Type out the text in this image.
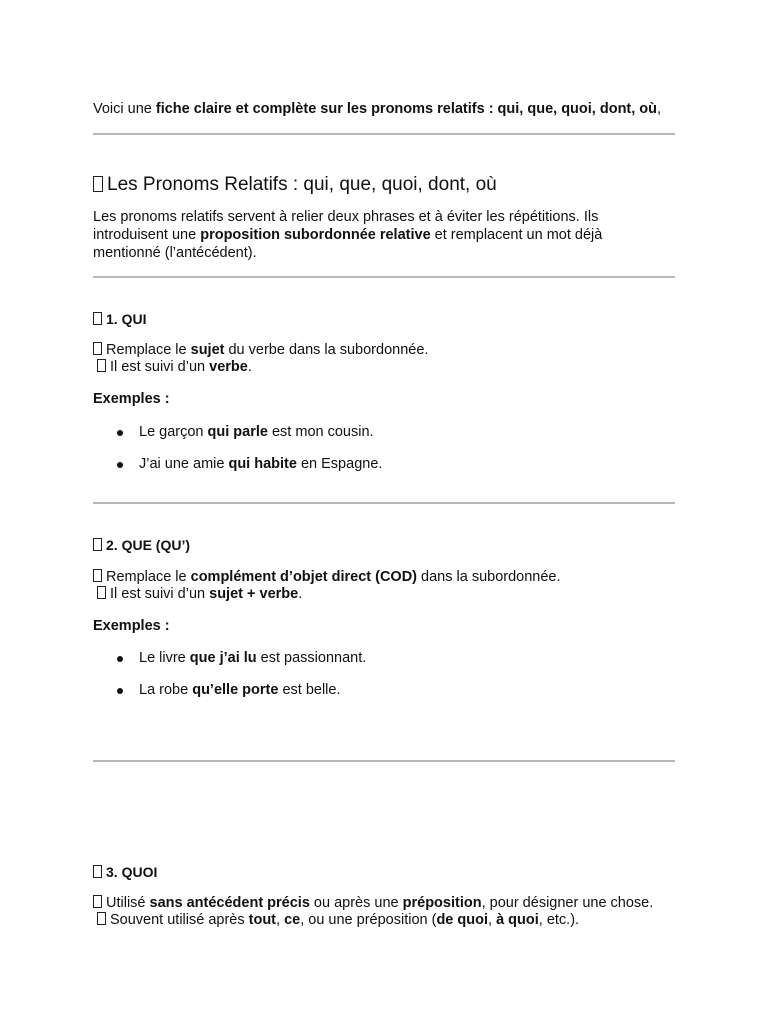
Voici une fiche claire et complète sur les pronoms relatifs : qui, que, quoi, dont, où,
Les Pronoms Relatifs : qui, que, quoi, dont, où
Les pronoms relatifs servent à relier deux phrases et à éviter les répétitions. Ils
introduisent une proposition subordonnée relative et remplacent un mot déjà
mentionné (l’antécédent).
1. QUI
Remplace le sujet du verbe dans la subordonnée.
Il est suivi d’un verbe.
Exemples :
Le garçon qui parle est mon cousin.
J’ai une amie qui habite en Espagne.
2. QUE (QU’)
Remplace le complément d’objet direct (COD) dans la subordonnée.
Il est suivi d’un sujet + verbe.
Exemples :
Le livre que j’ai lu est passionnant.
La robe qu’elle porte est belle.
3. QUOI
Utilisé sans antécédent précis ou après une préposition, pour désigner une chose.
Souvent utilisé après tout, ce, ou une préposition (de quoi, à quoi, etc.).
